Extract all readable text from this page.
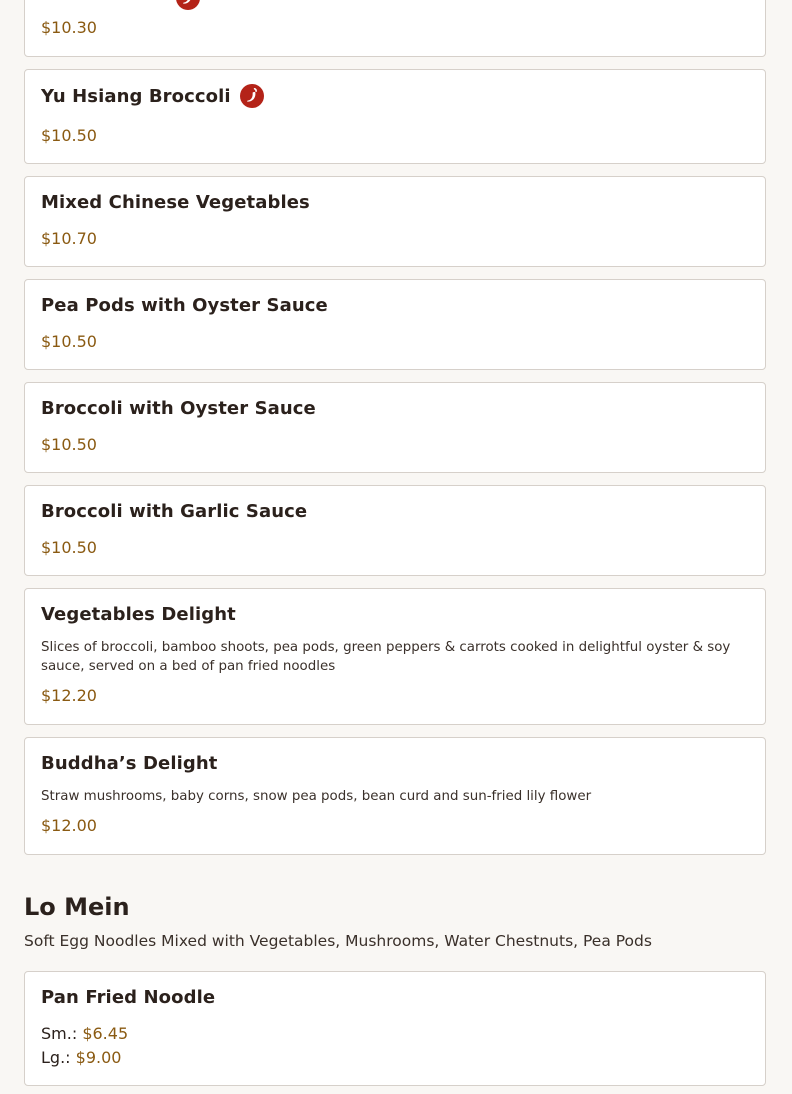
$10.30
Yu Hsiang Broccoli
$10.50
Mixed Chinese Vegetables
$10.70
Pea Pods with Oyster Sauce
$10.50
Broccoli with Oyster Sauce
$10.50
Broccoli with Garlic Sauce
$10.50
Vegetables Delight
Slices of broccoli, bamboo shoots, pea pods, green peppers & carrots cooked in delightful oyster & soy sauce, served on a bed of pan fried noodles
$12.20
Buddha’s Delight
Straw mushrooms, baby corns, snow pea pods, bean curd and sun-fried lily flower
$12.00
Lo Mein
Soft Egg Noodles Mixed with Vegetables, Mushrooms, Water Chestnuts, Pea Pods
Pan Fried Noodle
Sm.: $6.45
Lg.: $9.00
